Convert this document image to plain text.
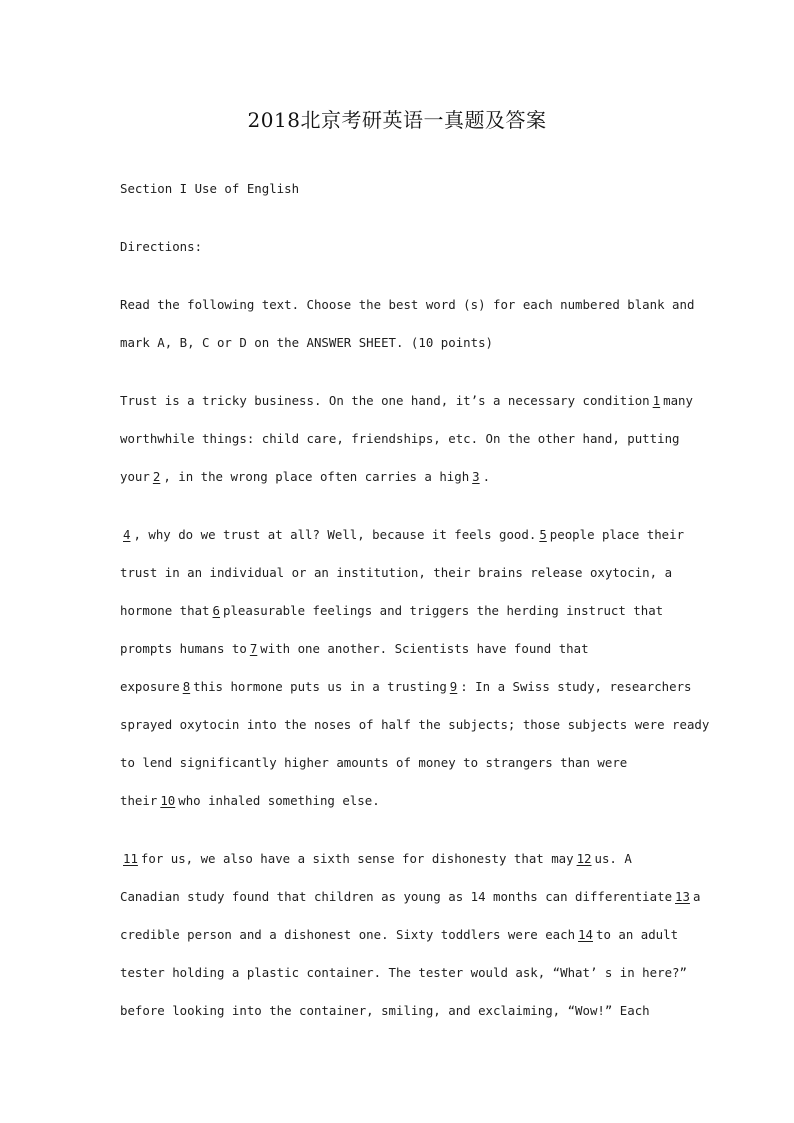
2018北京考研英语一真题及答案
Section I Use of English
Directions:
Read the following text. Choose the best word (s) for each numbered blank and
mark A, B, C or D on the ANSWER SHEET. (10 points)
Trust is a tricky business. On the one hand, it’s a necessary condition 1 many
worthwhile things: child care, friendships, etc. On the other hand, putting
your 2 , in the wrong place often carries a high 3 .
4 , why do we trust at all? Well, because it feels good. 5 people place their
trust in an individual or an institution, their brains release oxytocin, a
hormone that 6 pleasurable feelings and triggers the herding instruct that
prompts humans to 7 with one another. Scientists have found that
exposure 8 this hormone puts us in a trusting 9 : In a Swiss study, researchers
sprayed oxytocin into the noses of half the subjects; those subjects were ready
to lend significantly higher amounts of money to strangers than were
their 10 who inhaled something else.
11 for us, we also have a sixth sense for dishonesty that may 12 us. A
Canadian study found that children as young as 14 months can differentiate 13 a
credible person and a dishonest one. Sixty toddlers were each 14 to an adult
tester holding a plastic container. The tester would ask, “What’ s in here?”
before looking into the container, smiling, and exclaiming, “Wow!” Each
